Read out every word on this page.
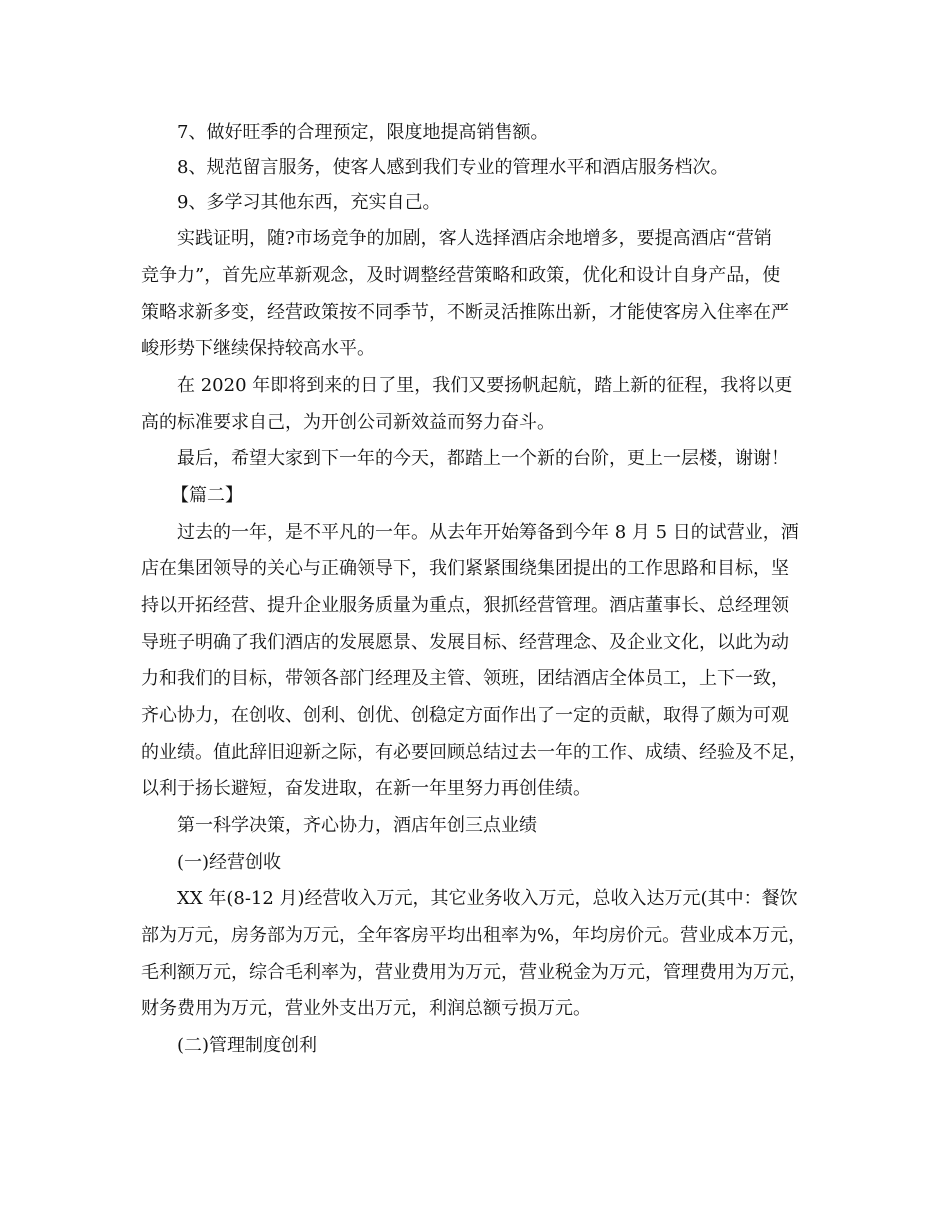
7、做好旺季的合理预定，限度地提高销售额。
8、规范留言服务，使客人感到我们专业的管理水平和酒店服务档次。
9、多学习其他东西，充实自己。
实践证明，随?市场竞争的加剧，客人选择酒店余地增多，要提高酒店“营销
竞争力”，首先应革新观念，及时调整经营策略和政策，优化和设计自身产品，使
策略求新多变，经营政策按不同季节，不断灵活推陈出新，才能使客房入住率在严
峻形势下继续保持较高水平。
在 2020 年即将到来的日了里，我们又要扬帆起航，踏上新的征程，我将以更
高的标准要求自己，为开创公司新效益而努力奋斗。
最后，希望大家到下一年的今天，都踏上一个新的台阶，更上一层楼，谢谢！
【篇二】
过去的一年，是不平凡的一年。从去年开始筹备到今年 8 月 5 日的试营业，酒
店在集团领导的关心与正确领导下，我们紧紧围绕集团提出的工作思路和目标，坚
持以开拓经营、提升企业服务质量为重点，狠抓经营管理。酒店董事长、总经理领
导班子明确了我们酒店的发展愿景、发展目标、经营理念、及企业文化，以此为动
力和我们的目标，带领各部门经理及主管、领班，团结酒店全体员工，上下一致，
齐心协力，在创收、创利、创优、创稳定方面作出了一定的贡献，取得了颇为可观
的业绩。值此辞旧迎新之际，有必要回顾总结过去一年的工作、成绩、经验及不足，
以利于扬长避短，奋发进取，在新一年里努力再创佳绩。
第一科学决策，齐心协力，酒店年创三点业绩
(一)经营创收
XX 年(8-12 月)经营收入万元，其它业务收入万元，总收入达万元(其中：餐饮
部为万元，房务部为万元，全年客房平均出租率为%，年均房价元。营业成本万元，
毛利额万元，综合毛利率为，营业费用为万元，营业税金为万元，管理费用为万元，
财务费用为万元，营业外支出万元，利润总额亏损万元。
(二)管理制度创利
